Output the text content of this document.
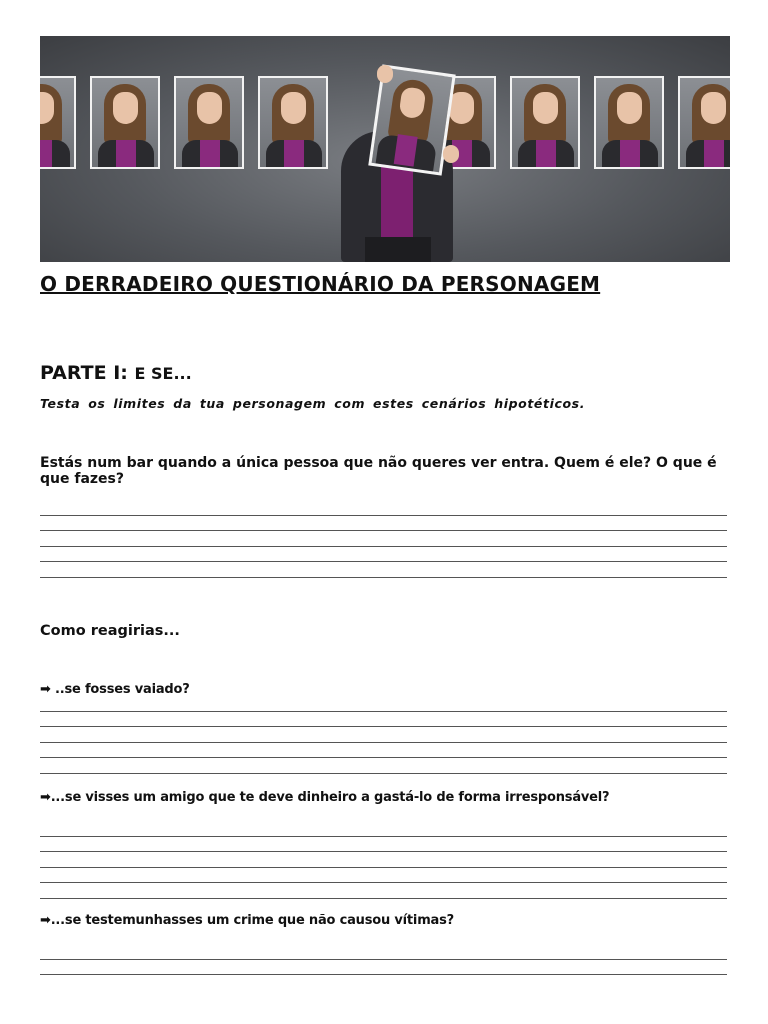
O DERRADEIRO QUESTIONÁRIO DA PERSONAGEM
PARTE I: E SE...
Testa os limites da tua personagem com estes cenários hipotéticos.
Estás num bar quando a única pessoa que não queres ver entra. Quem é ele? O que é que fazes?
Como reagirias...
➡ ..se fosses vaiado?
➡...se visses um amigo que te deve dinheiro a gastá-lo de forma irresponsável?
➡...se testemunhasses um crime que não causou vítimas?
